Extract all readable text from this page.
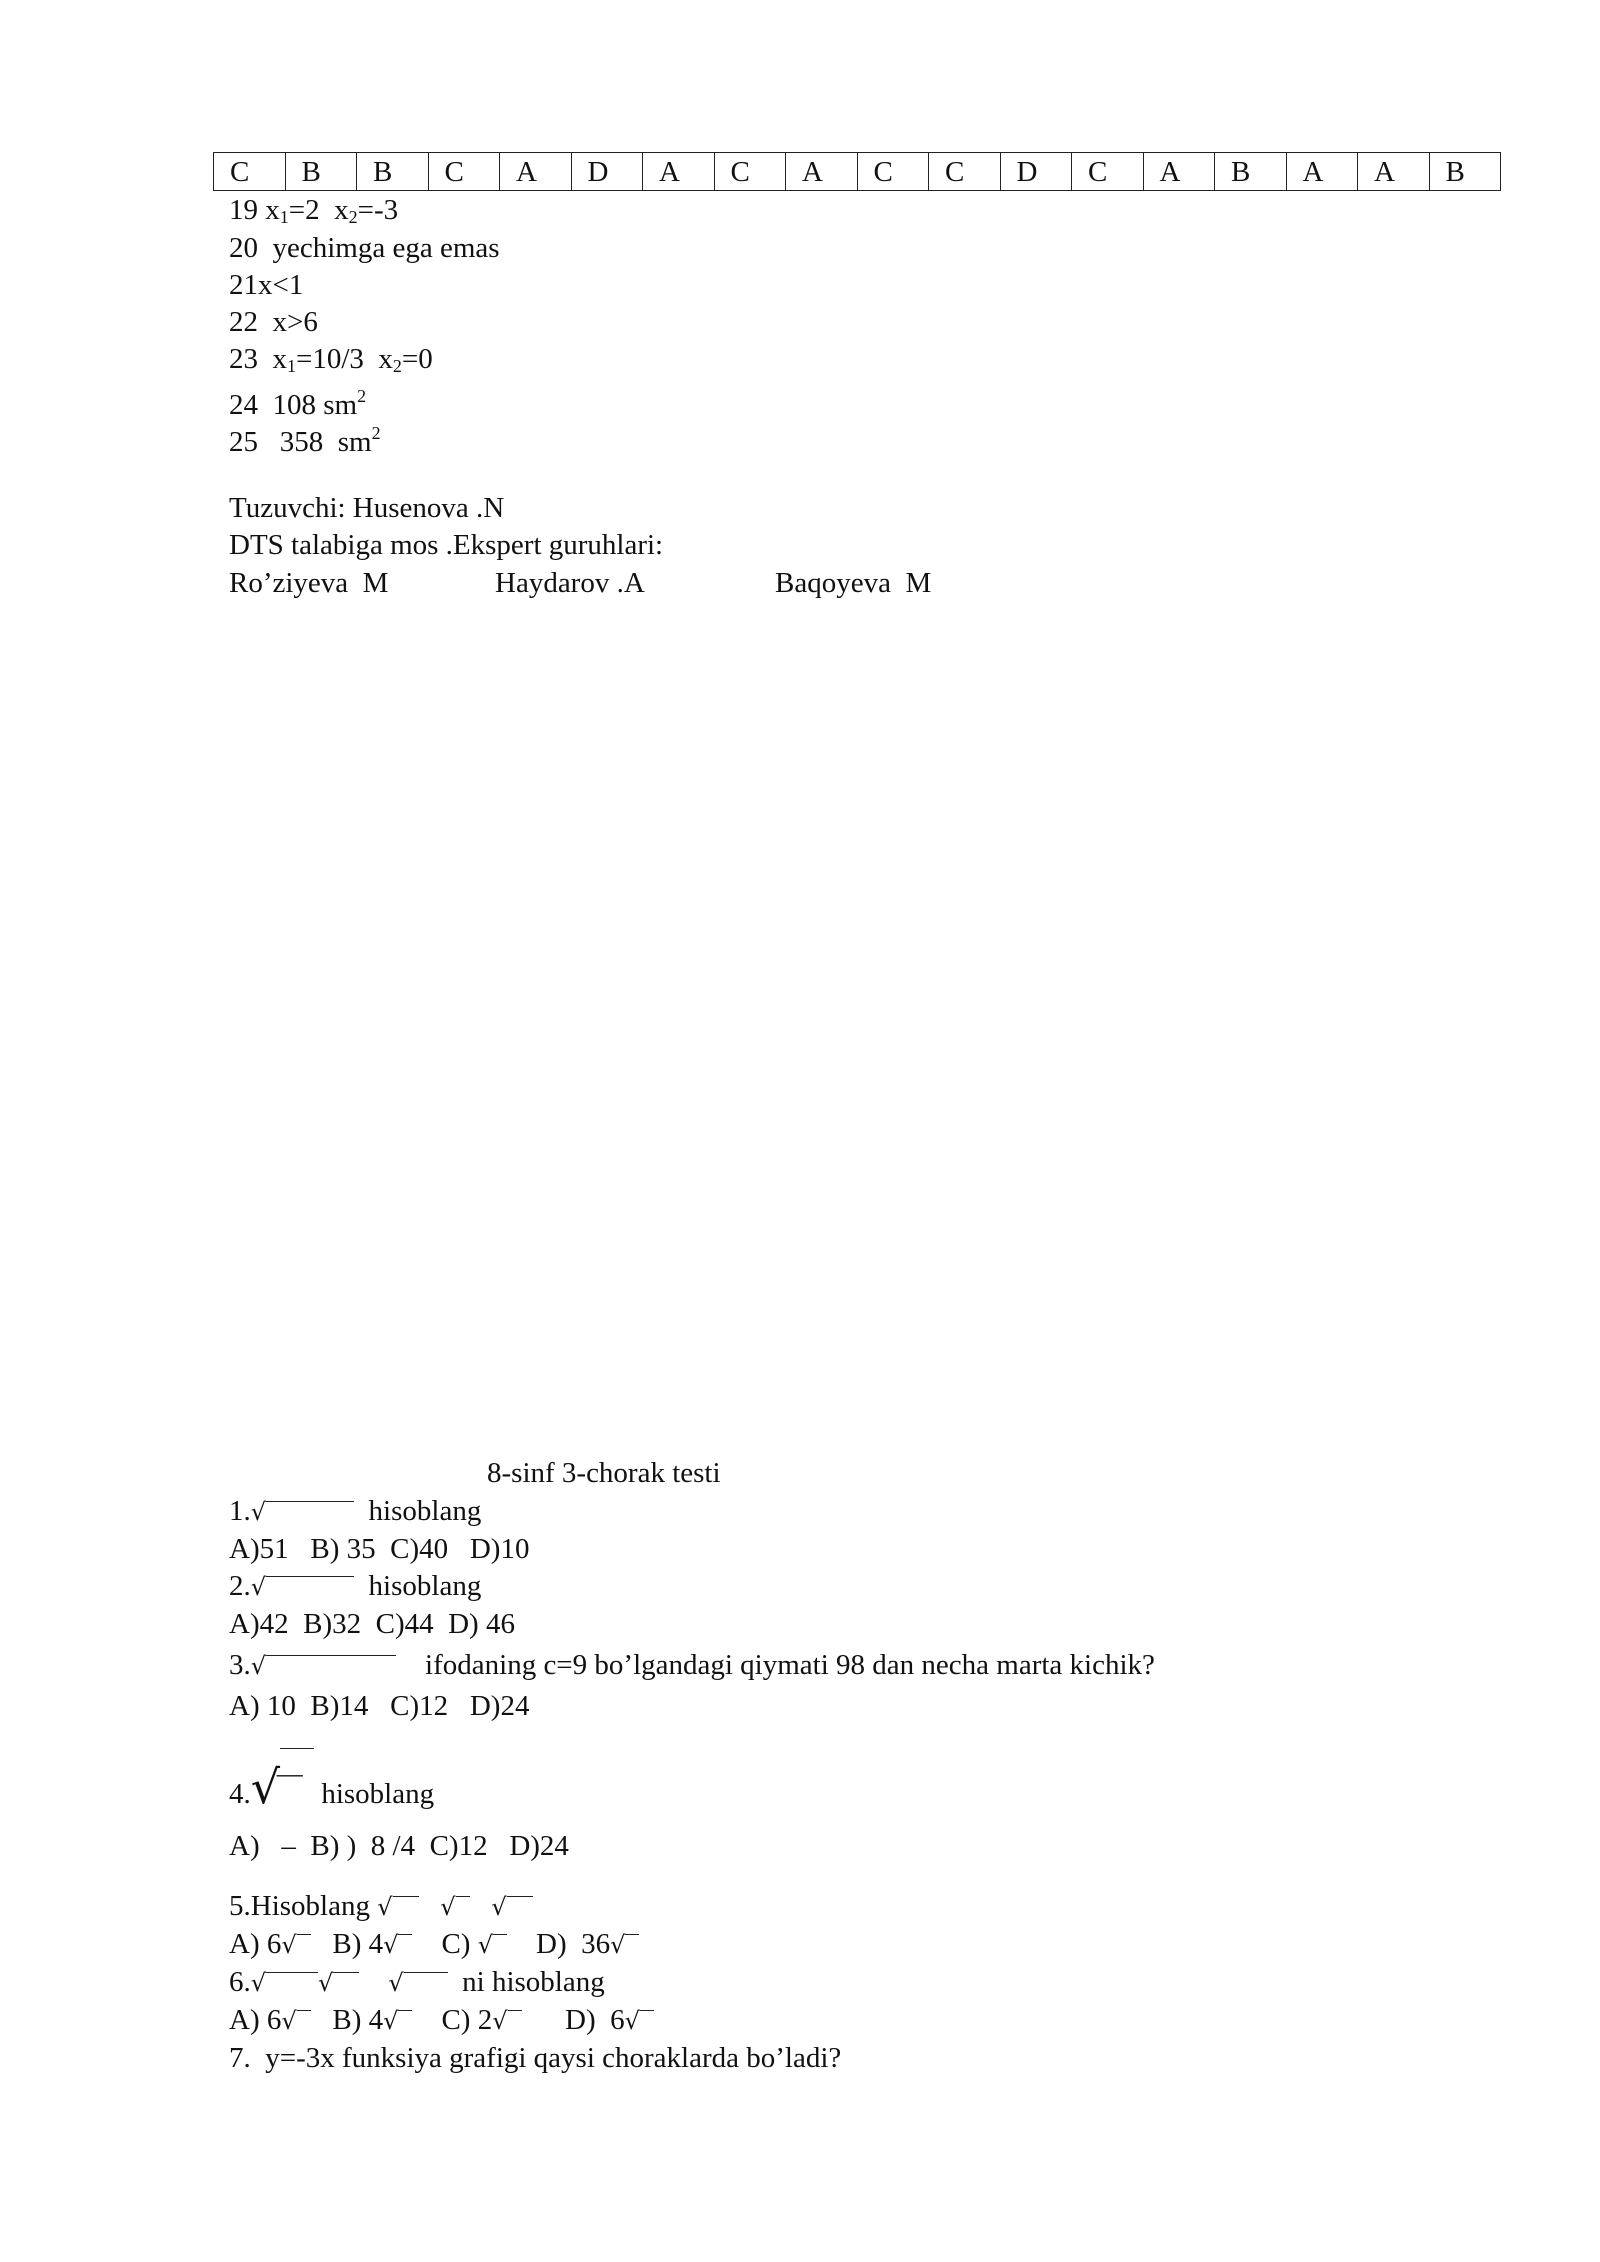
C	B	B	C	A	D	A	C	A	C	C	D	C	A	B	A	A	B
19 $x_1=2$  $x_2=-3$
20  yechimga ega emas
21x<1
22  x>6
23  $x_1=10/3$  $x_2=0$
24  108 $sm^2$
25   358  $sm^2$
Tuzuvchi: Husenova .N
DTS talabiga mos .Ekspert guruhlari:
Ro’ziyeva  M	Haydarov .A	Baqoyeva  M
8-sinf 3-chorak testi
1.√	hisoblang
A)51   B) 35  C)40   D)10
2.√	hisoblang
A)42  B)32  C)44  D) 46
3.√	ifodaning c=9 bo’lgandagi qiymati 98 dan necha marta kichik?
A) 10  B)14   C)12   D)24
4.√
—
hisoblang
A)   –  B) )  8 /4  C)12   D)24
5.Hisoblang √ √ √
A) 6√ B) 4√ C) √ D)  36√
6.√ √ √ ni hisoblang
A) 6√ B) 4√ C) 2√ D)  6√
7.  y=-3x funksiya grafigi qaysi choraklarda bo’ladi?
